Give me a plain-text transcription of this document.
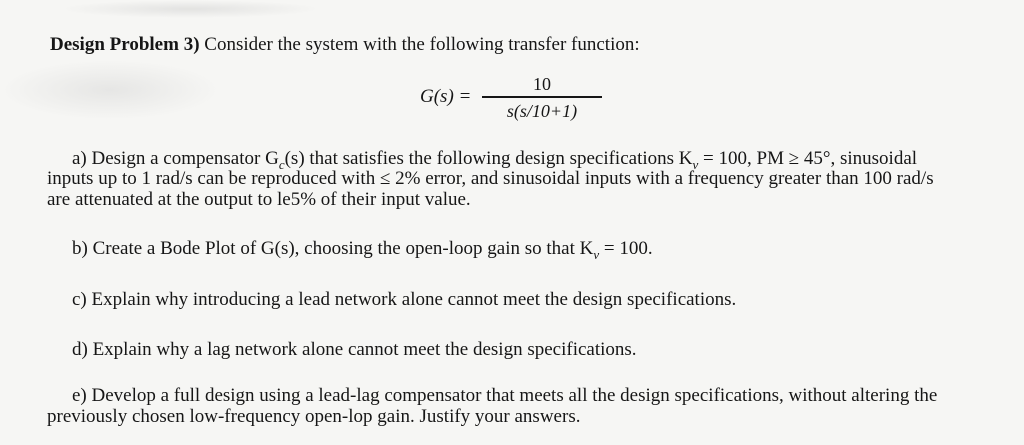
Design Problem 3) Consider the system with the following transfer function:
G(s) =
10
s(s/10+1)
a) Design a compensator $G_c(s)$ that satisfies the following design specifications $K_v = 100$, PM ≥ 45°, sinusoidal
inputs up to 1 rad/s can be reproduced with ≤ 2% error, and sinusoidal inputs with a frequency greater than 100 rad/s
are attenuated at the output to le5% of their input value.
b) Create a Bode Plot of G(s), choosing the open-loop gain so that $K_v = 100$.
c) Explain why introducing a lead network alone cannot meet the design specifications.
d) Explain why a lag network alone cannot meet the design specifications.
e) Develop a full design using a lead-lag compensator that meets all the design specifications, without altering the
previously chosen low-frequency open-lop gain. Justify your answers.
